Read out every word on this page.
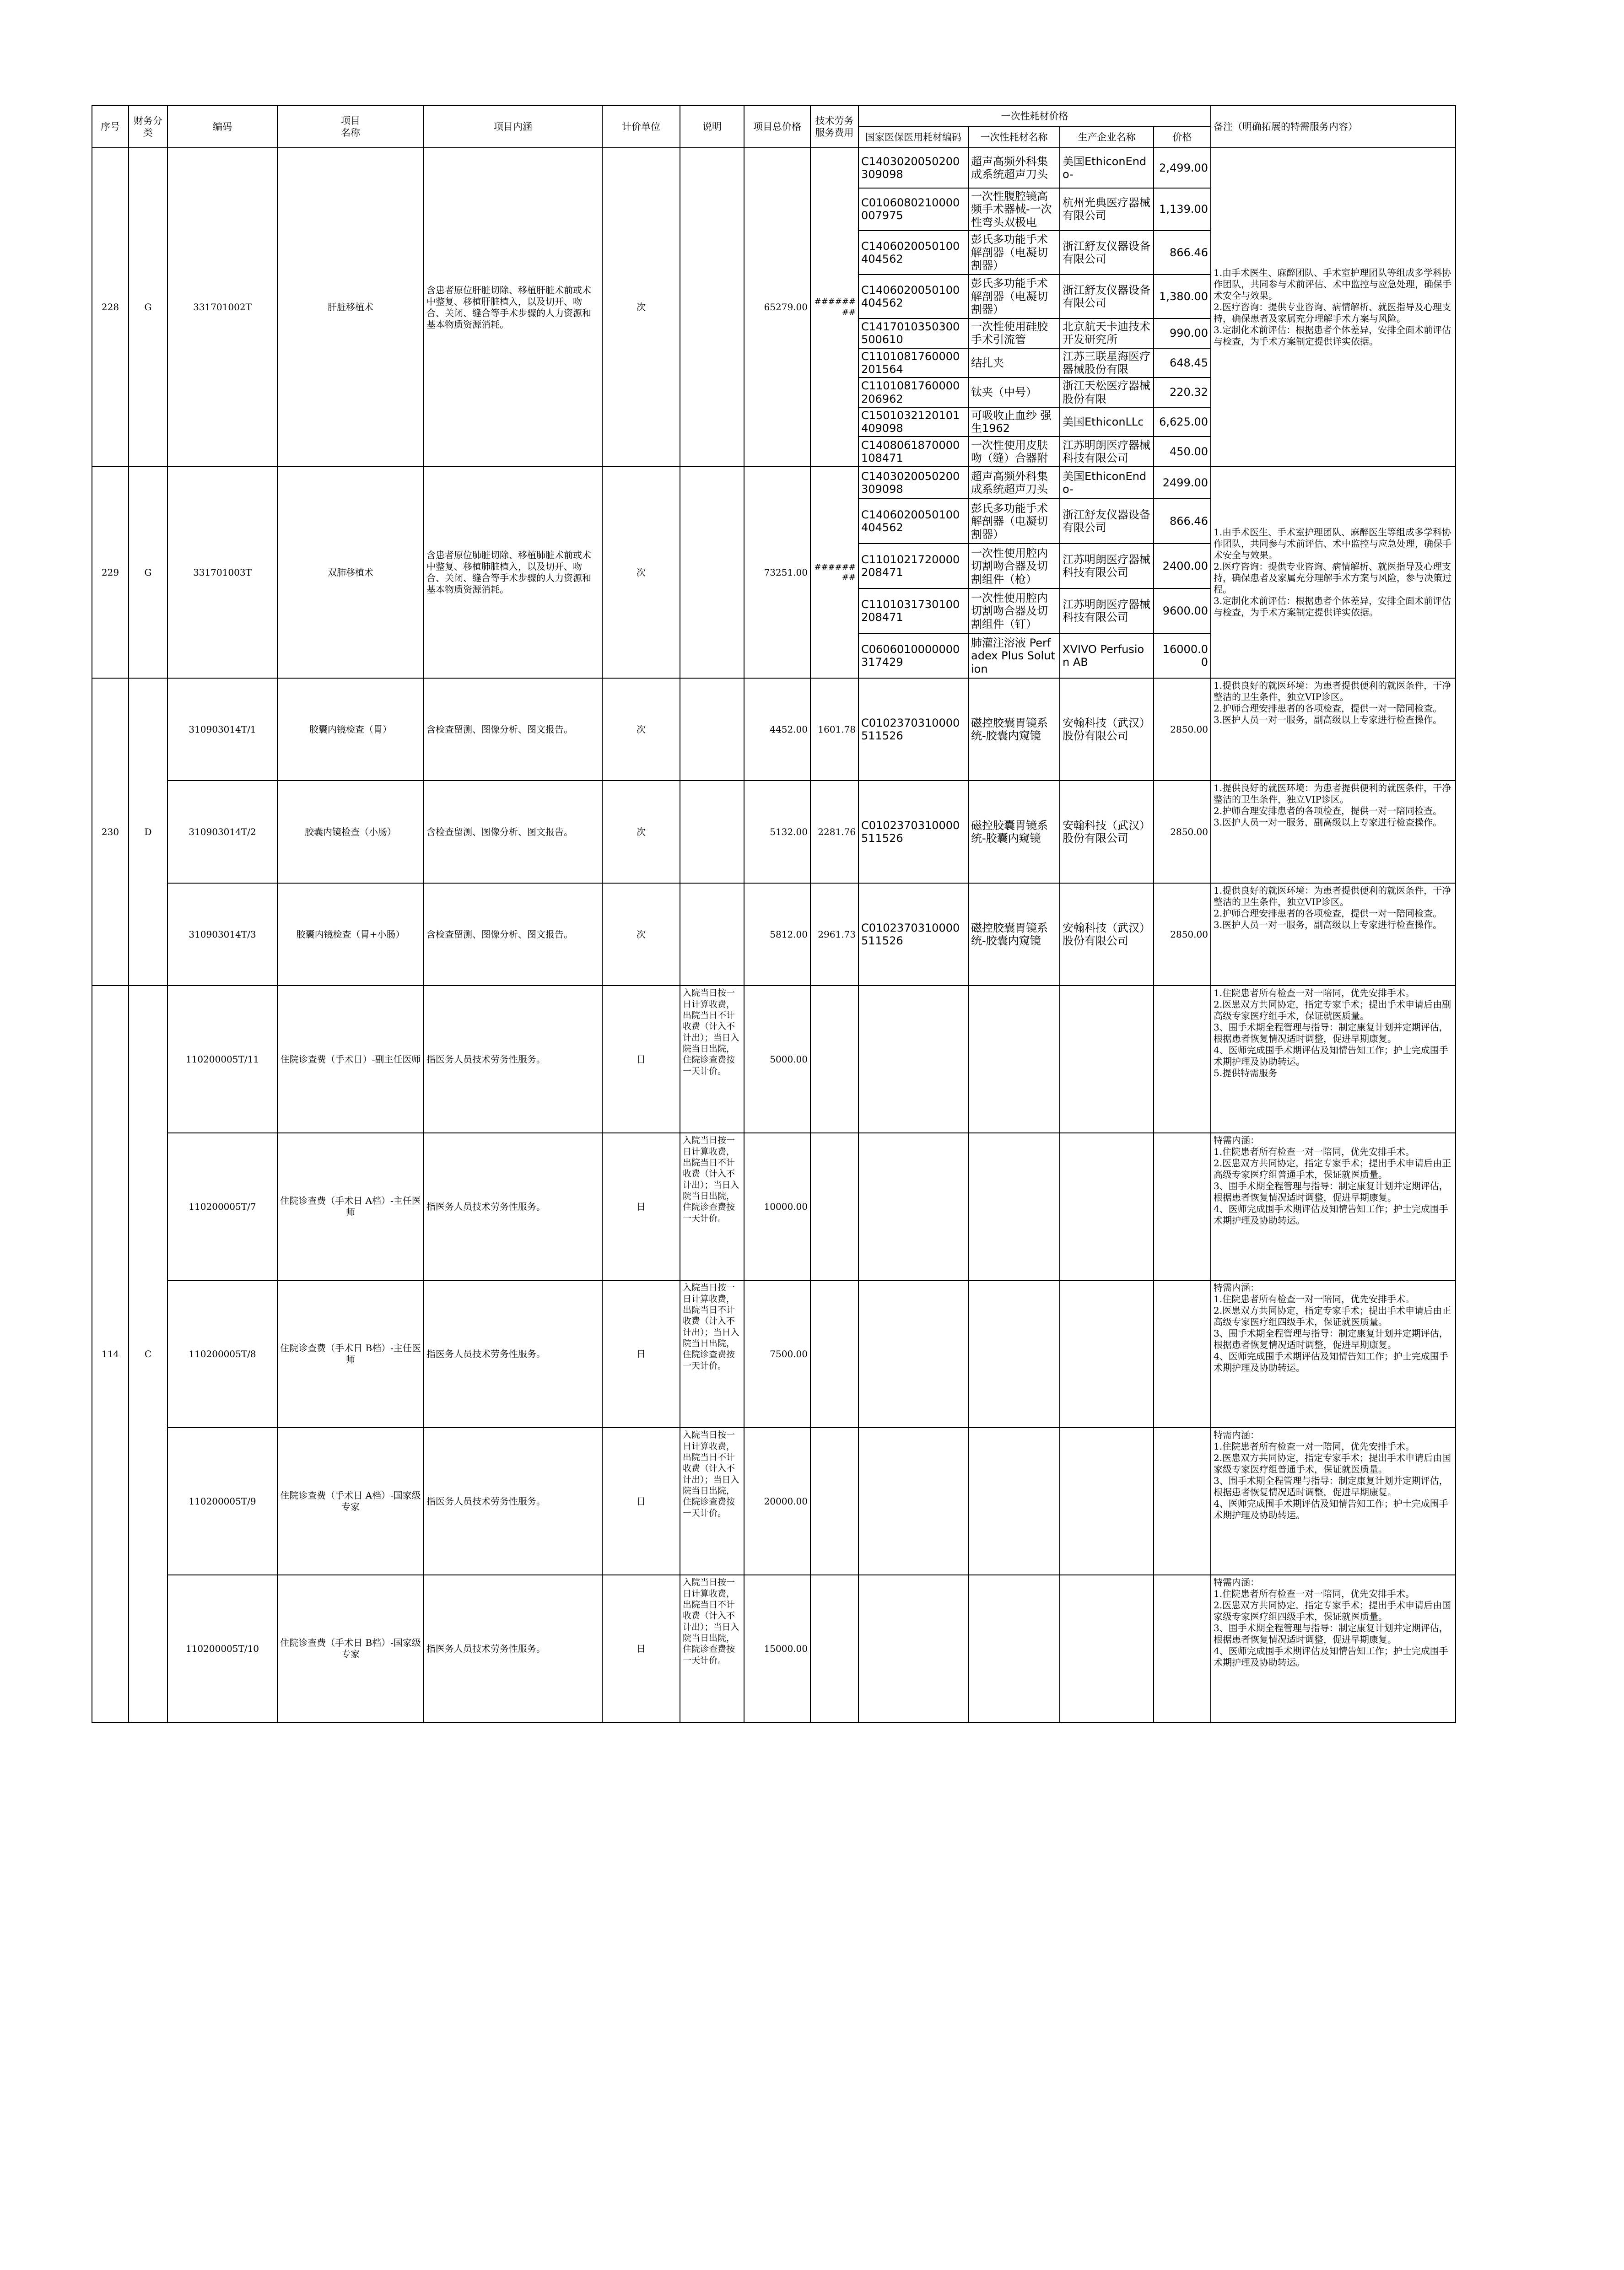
序号	财务分类	编码	项目
名称	项目内涵	计价单位	说明	项目总价格	技术劳务服务费用	一次性耗材价格				备注（明确拓展的特需服务内容）
									国家医保医用耗材编码	一次性耗材名称	生产企业名称	价格	
228	G	331701002T	肝脏移植术	含患者原位肝脏切除、移植肝脏术前或术中整复、移植肝脏植入，以及切开、吻合、关闭、缝合等手术步骤的人力资源和基本物质资源消耗。	次		65279.00	########	C1403020050200309098	超声高频外科集成系统超声刀头	美国EthiconEndo-	2,499.00	1.由手术医生、麻醉团队、手术室护理团队等组成多学科协作团队，共同参与术前评估、术中监控与应急处理，确保手术安全与效果。
2.医疗咨询：提供专业咨询、病情解析、就医指导及心理支持，确保患者及家属充分理解手术方案与风险。
3.定制化术前评估：根据患者个体差异，安排全面术前评估与检查，为手术方案制定提供详实依据。
									C0106080210000007975	一次性腹腔镜高频手术器械-一次性弯头双极电	杭州光典医疗器械有限公司	1,139.00	
									C1406020050100404562	彭氏多功能手术解剖器（电凝切割器）	浙江舒友仪器设备有限公司	866.46	
									C1406020050100404562	彭氏多功能手术解剖器（电凝切割器）	浙江舒友仪器设备有限公司	1,380.00	
									C1417010350300500610	一次性使用硅胶手术引流管	北京航天卡迪技术开发研究所	990.00	
									C1101081760000201564	结扎夹	江苏三联星海医疗器械股份有限	648.45	
									C1101081760000206962	钛夹（中号）	浙江天松医疗器械股份有限	220.32	
									C1501032120101409098	可吸收止血纱 强生1962	美国EthiconLLc	6,625.00	
									C1408061870000108471	一次性使用皮肤吻（缝）合器附	江苏明朗医疗器械科技有限公司	450.00	
229	G	331701003T	双肺移植术	含患者原位肺脏切除、移植肺脏术前或术中整复、移植肺脏植入，以及切开、吻合、关闭、缝合等手术步骤的人力资源和基本物质资源消耗。	次		73251.00	########	C1403020050200309098	超声高频外科集成系统超声刀头	美国EthiconEndo-	2499.00	1.由手术医生、手术室护理团队、麻醉医生等组成多学科协作团队，共同参与术前评估、术中监控与应急处理，确保手术安全与效果。
2.医疗咨询：提供专业咨询、病情解析、就医指导及心理支持，确保患者及家属充分理解手术方案与风险，参与决策过程。
3.定制化术前评估：根据患者个体差异，安排全面术前评估与检查，为手术方案制定提供详实依据。
									C1406020050100404562	彭氏多功能手术解剖器（电凝切割器）	浙江舒友仪器设备有限公司	866.46	
									C1101021720000208471	一次性使用腔内切割吻合器及切割组件（枪）	江苏明朗医疗器械科技有限公司	2400.00	
									C1101031730100208471	一次性使用腔内切割吻合器及切割组件（钉）	江苏明朗医疗器械科技有限公司	9600.00	
									C0606010000000317429	肺灌注溶液 Perfadex Plus Solution	XVIVO Perfusion AB	16000.00	
230	D	310903014T/1	胶囊内镜检查（胃）	含检查留测、图像分析、图文报告。	次		4452.00	1601.78	C0102370310000511526	磁控胶囊胃镜系统-胶囊内窥镜	安翰科技（武汉）股份有限公司	2850.00	1.提供良好的就医环境：为患者提供便利的就医条件，干净整洁的卫生条件，独立VIP诊区。
2.护师合理安排患者的各项检查，提供一对一陪同检查。
3.医护人员一对一服务，副高级以上专家进行检查操作。
		310903014T/2	胶囊内镜检查（小肠）	含检查留测、图像分析、图文报告。	次		5132.00	2281.76	C0102370310000511526	磁控胶囊胃镜系统-胶囊内窥镜	安翰科技（武汉）股份有限公司	2850.00	1.提供良好的就医环境：为患者提供便利的就医条件，干净整洁的卫生条件，独立VIP诊区。
2.护师合理安排患者的各项检查，提供一对一陪同检查。
3.医护人员一对一服务，副高级以上专家进行检查操作。
		310903014T/3	胶囊内镜检查（胃+小肠）	含检查留测、图像分析、图文报告。	次		5812.00	2961.73	C0102370310000511526	磁控胶囊胃镜系统-胶囊内窥镜	安翰科技（武汉）股份有限公司	2850.00	1.提供良好的就医环境：为患者提供便利的就医条件，干净整洁的卫生条件，独立VIP诊区。
2.护师合理安排患者的各项检查，提供一对一陪同检查。
3.医护人员一对一服务，副高级以上专家进行检查操作。
114	C	110200005T/11	住院诊查费（手术日）-副主任医师	指医务人员技术劳务性服务。	日	入院当日按一日计算收费，出院当日不计收费（计入不计出）；当日入院当日出院，住院诊查费按一天计价。	5000.00						1.住院患者所有检查一对一陪同，优先安排手术。
2.医患双方共同协定，指定专家手术；提出手术申请后由副高级专家医疗组手术，保证就医质量。
3、围手术期全程管理与指导：制定康复计划并定期评估，根据患者恢复情况适时调整，促进早期康复。
4、医师完成围手术期评估及知情告知工作；护士完成围手术期护理及协助转运。
5.提供特需服务
		110200005T/7	住院诊查费（手术日 A档）-主任医师	指医务人员技术劳务性服务。	日	入院当日按一日计算收费，出院当日不计收费（计入不计出）；当日入院当日出院，住院诊查费按一天计价。	10000.00						特需内涵：
1.住院患者所有检查一对一陪同，优先安排手术。
2.医患双方共同协定，指定专家手术；提出手术申请后由正高级专家医疗组普通手术，保证就医质量。
3、围手术期全程管理与指导：制定康复计划并定期评估，根据患者恢复情况适时调整，促进早期康复。
4、医师完成围手术期评估及知情告知工作；护士完成围手术期护理及协助转运。
		110200005T/8	住院诊查费（手术日 B档）-主任医师	指医务人员技术劳务性服务。	日	入院当日按一日计算收费，出院当日不计收费（计入不计出）；当日入院当日出院，住院诊查费按一天计价。	7500.00						特需内涵：
1.住院患者所有检查一对一陪同，优先安排手术。
2.医患双方共同协定，指定专家手术；提出手术申请后由正高级专家医疗组四级手术，保证就医质量。
3、围手术期全程管理与指导：制定康复计划并定期评估，根据患者恢复情况适时调整，促进早期康复。
4、医师完成围手术期评估及知情告知工作；护士完成围手术期护理及协助转运。
		110200005T/9	住院诊查费（手术日 A档）-国家级专家	指医务人员技术劳务性服务。	日	入院当日按一日计算收费，出院当日不计收费（计入不计出）；当日入院当日出院，住院诊查费按一天计价。	20000.00						特需内涵：
1.住院患者所有检查一对一陪同，优先安排手术。
2.医患双方共同协定，指定专家手术；提出手术申请后由国家级专家医疗组普通手术，保证就医质量。
3、围手术期全程管理与指导：制定康复计划并定期评估，根据患者恢复情况适时调整，促进早期康复。
4、医师完成围手术期评估及知情告知工作；护士完成围手术期护理及协助转运。
		110200005T/10	住院诊查费（手术日 B档）-国家级专家	指医务人员技术劳务性服务。	日	入院当日按一日计算收费，出院当日不计收费（计入不计出）；当日入院当日出院，住院诊查费按一天计价。	15000.00						特需内涵：
1.住院患者所有检查一对一陪同，优先安排手术。
2.医患双方共同协定，指定专家手术；提出手术申请后由国家级专家医疗组四级手术，保证就医质量。
3、围手术期全程管理与指导：制定康复计划并定期评估，根据患者恢复情况适时调整，促进早期康复。
4、医师完成围手术期评估及知情告知工作；护士完成围手术期护理及协助转运。
